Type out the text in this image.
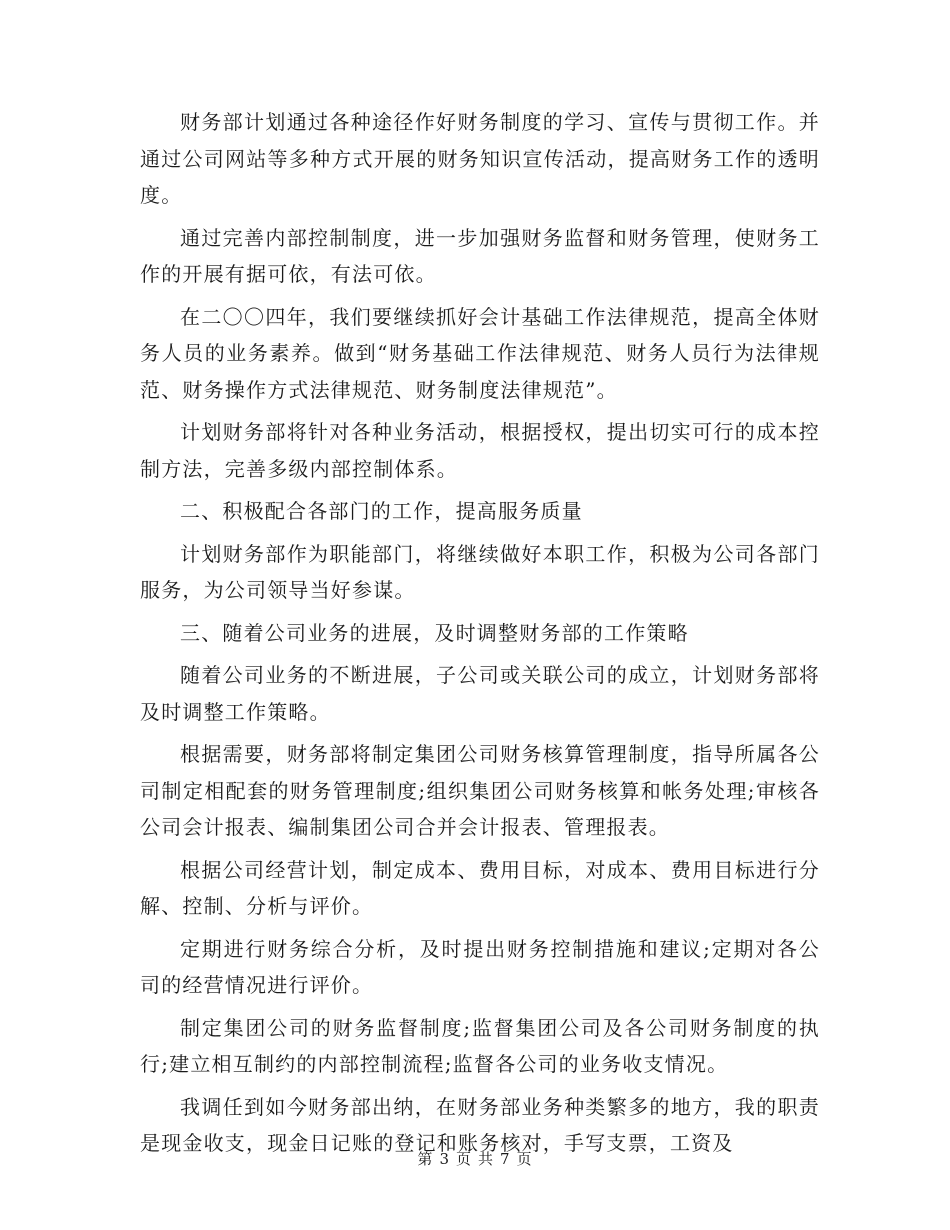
财务部计划通过各种途径作好财务制度的学习、宣传与贯彻工作。并通过公司网站等多种方式开展的财务知识宣传活动，提高财务工作的透明度。

通过完善内部控制制度，进一步加强财务监督和财务管理，使财务工作的开展有据可依，有法可依。

在二〇〇四年，我们要继续抓好会计基础工作法律规范，提高全体财务人员的业务素养。做到“财务基础工作法律规范、财务人员行为法律规范、财务操作方式法律规范、财务制度法律规范”。

计划财务部将针对各种业务活动，根据授权，提出切实可行的成本控制方法，完善多级内部控制体系。

二、积极配合各部门的工作，提高服务质量

计划财务部作为职能部门，将继续做好本职工作，积极为公司各部门服务，为公司领导当好参谋。

三、随着公司业务的进展，及时调整财务部的工作策略

随着公司业务的不断进展，子公司或关联公司的成立，计划财务部将及时调整工作策略。

根据需要，财务部将制定集团公司财务核算管理制度，指导所属各公司制定相配套的财务管理制度;组织集团公司财务核算和帐务处理;审核各公司会计报表、编制集团公司合并会计报表、管理报表。

根据公司经营计划，制定成本、费用目标，对成本、费用目标进行分解、控制、分析与评价。

定期进行财务综合分析，及时提出财务控制措施和建议;定期对各公司的经营情况进行评价。

制定集团公司的财务监督制度;监督集团公司及各公司财务制度的执行;建立相互制约的内部控制流程;监督各公司的业务收支情况。

我调任到如今财务部出纳，在财务部业务种类繁多的地方，我的职责是现金收支，现金日记账的登记和账务核对，手写支票，工资及

第 3 页 共 7 页
